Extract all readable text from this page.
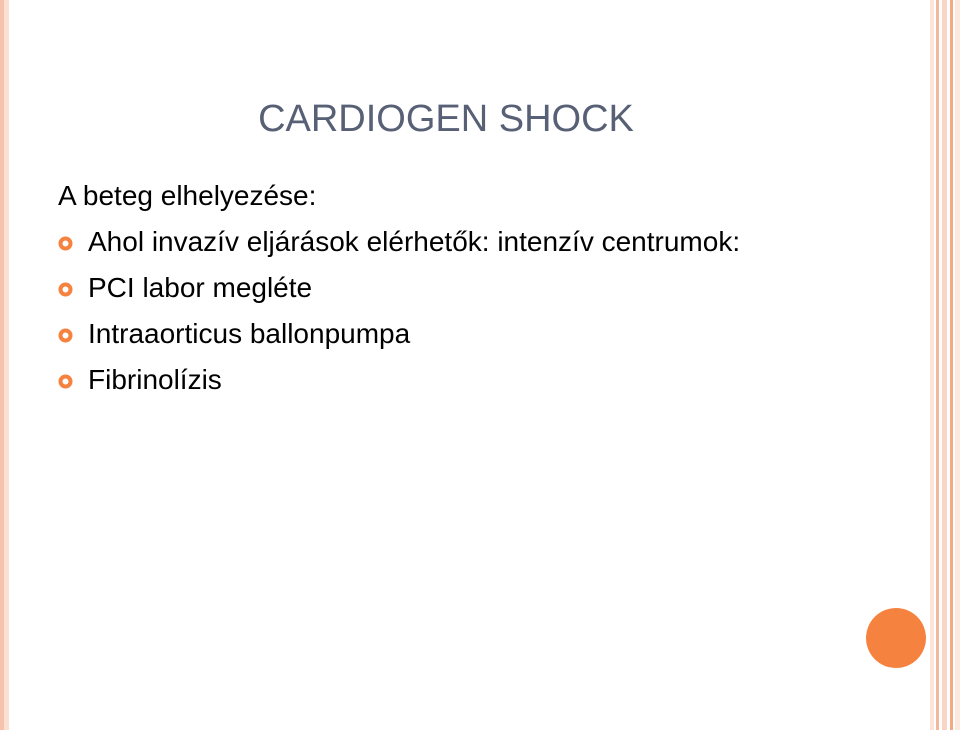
CARDIOGEN SHOCK
A beteg elhelyezése:
Ahol invazív eljárások elérhetők: intenzív centrumok:
PCI labor megléte
Intraaorticus ballonpumpa
Fibrinolízis
